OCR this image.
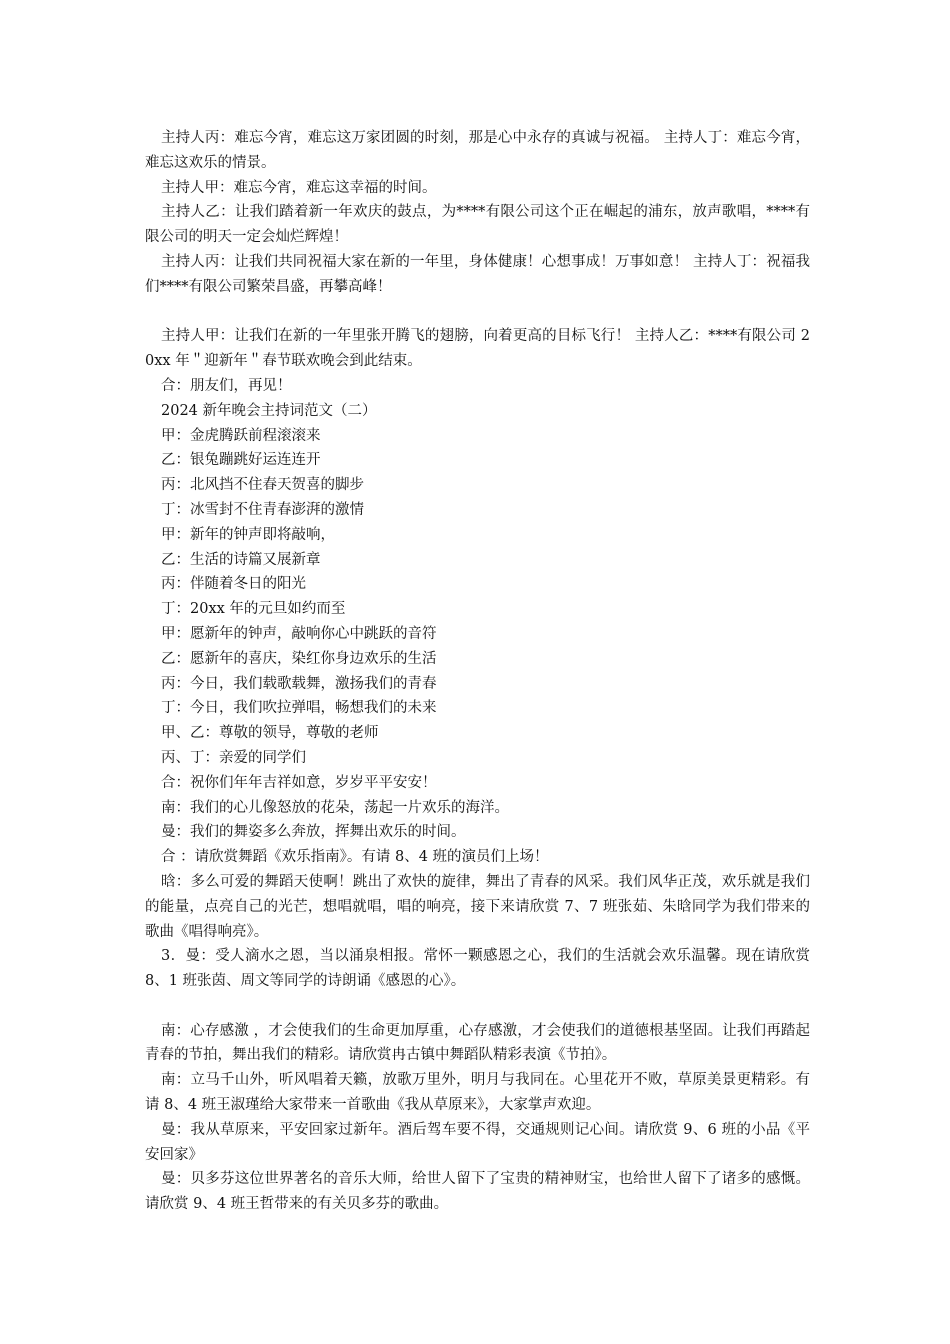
主持人丙：难忘今宵，难忘这万家团圆的时刻，那是心中永存的真诚与祝福。 主持人丁：难忘今宵，难忘这欢乐的情景。

主持人甲：难忘今宵，难忘这幸福的时间。

主持人乙：让我们踏着新一年欢庆的鼓点，为****有限公司这个正在崛起的浦东，放声歌唱，****有限公司的明天一定会灿烂辉煌！

主持人丙：让我们共同祝福大家在新的一年里，身体健康！心想事成！万事如意！ 主持人丁：祝福我们****有限公司繁荣昌盛，再攀高峰！

主持人甲：让我们在新的一年里张开腾飞的翅膀，向着更高的目标飞行！ 主持人乙：****有限公司 20xx 年＂迎新年＂春节联欢晚会到此结束。

合：朋友们，再见！

2024 新年晚会主持词范文（二）

甲：金虎腾跃前程滚滚来

乙：银兔蹦跳好运连连开

丙：北风挡不住春天贺喜的脚步

丁：冰雪封不住青春澎湃的激情

甲：新年的钟声即将敲响，

乙：生活的诗篇又展新章

丙：伴随着冬日的阳光

丁：20xx 年的元旦如约而至

甲：愿新年的钟声，敲响你心中跳跃的音符

乙：愿新年的喜庆，染红你身边欢乐的生活

丙：今日，我们载歌载舞，激扬我们的青春

丁：今日，我们吹拉弹唱，畅想我们的未来

甲、乙：尊敬的领导，尊敬的老师

丙、丁：亲爱的同学们

合：祝你们年年吉祥如意，岁岁平平安安！

南：我们的心儿像怒放的花朵，荡起一片欢乐的海洋。

曼：我们的舞姿多么奔放，挥舞出欢乐的时间。

合 ：请欣赏舞蹈《欢乐指南》。有请 8、4 班的演员们上场！

晗：多么可爱的舞蹈天使啊！跳出了欢快的旋律，舞出了青春的风采。我们风华正茂，欢乐就是我们的能量，点亮自己的光芒，想唱就唱，唱的响亮，接下来请欣赏 7、7 班张茹、朱晗同学为我们带来的歌曲《唱得响亮》。

3．曼：受人滴水之恩，当以涌泉相报。常怀一颗感恩之心，我们的生活就会欢乐温馨。现在请欣赏 8、1 班张茵、周文等同学的诗朗诵《感恩的心》。

南：心存感激 ，才会使我们的生命更加厚重，心存感激，才会使我们的道德根基坚固。让我们再踏起青春的节拍，舞出我们的精彩。请欣赏冉古镇中舞蹈队精彩表演《节拍》。

南：立马千山外，听风唱着天籁，放歌万里外，明月与我同在。心里花开不败，草原美景更精彩。有请 8、4 班王淑瑾给大家带来一首歌曲《我从草原来》，大家掌声欢迎。

曼：我从草原来，平安回家过新年。酒后驾车要不得，交通规则记心间。请欣赏 9、6 班的小品《平安回家》

曼：贝多芬这位世界著名的音乐大师，给世人留下了宝贵的精神财宝，也给世人留下了诸多的感慨。请欣赏 9、4 班王哲带来的有关贝多芬的歌曲。
